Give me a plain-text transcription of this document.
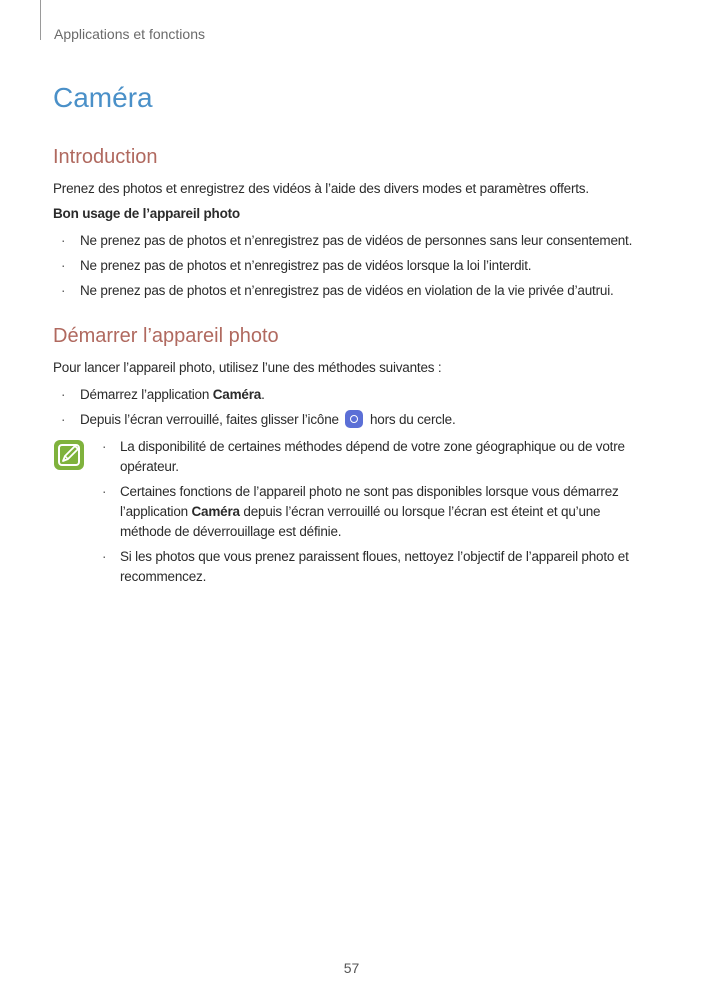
Applications et fonctions
Caméra
Introduction

Prenez des photos et enregistrez des vidéos à l’aide des divers modes et paramètres offerts.

Bon usage de l’appareil photo

· Ne prenez pas de photos et n’enregistrez pas de vidéos de personnes sans leur consentement.
· Ne prenez pas de photos et n’enregistrez pas de vidéos lorsque la loi l’interdit.
· Ne prenez pas de photos et n’enregistrez pas de vidéos en violation de la vie privée d’autrui.
Démarrer l’appareil photo

Pour lancer l’appareil photo, utilisez l’une des méthodes suivantes :

· Démarrez l’application Caméra.
· Depuis l’écran verrouillé, faites glisser l’icône hors du cercle.
· La disponibilité de certaines méthodes dépend de votre zone géographique ou de votre opérateur.
· Certaines fonctions de l’appareil photo ne sont pas disponibles lorsque vous démarrez l’application Caméra depuis l’écran verrouillé ou lorsque l’écran est éteint et qu’une méthode de déverrouillage est définie.
· Si les photos que vous prenez paraissent floues, nettoyez l’objectif de l’appareil photo et recommencez.
57
